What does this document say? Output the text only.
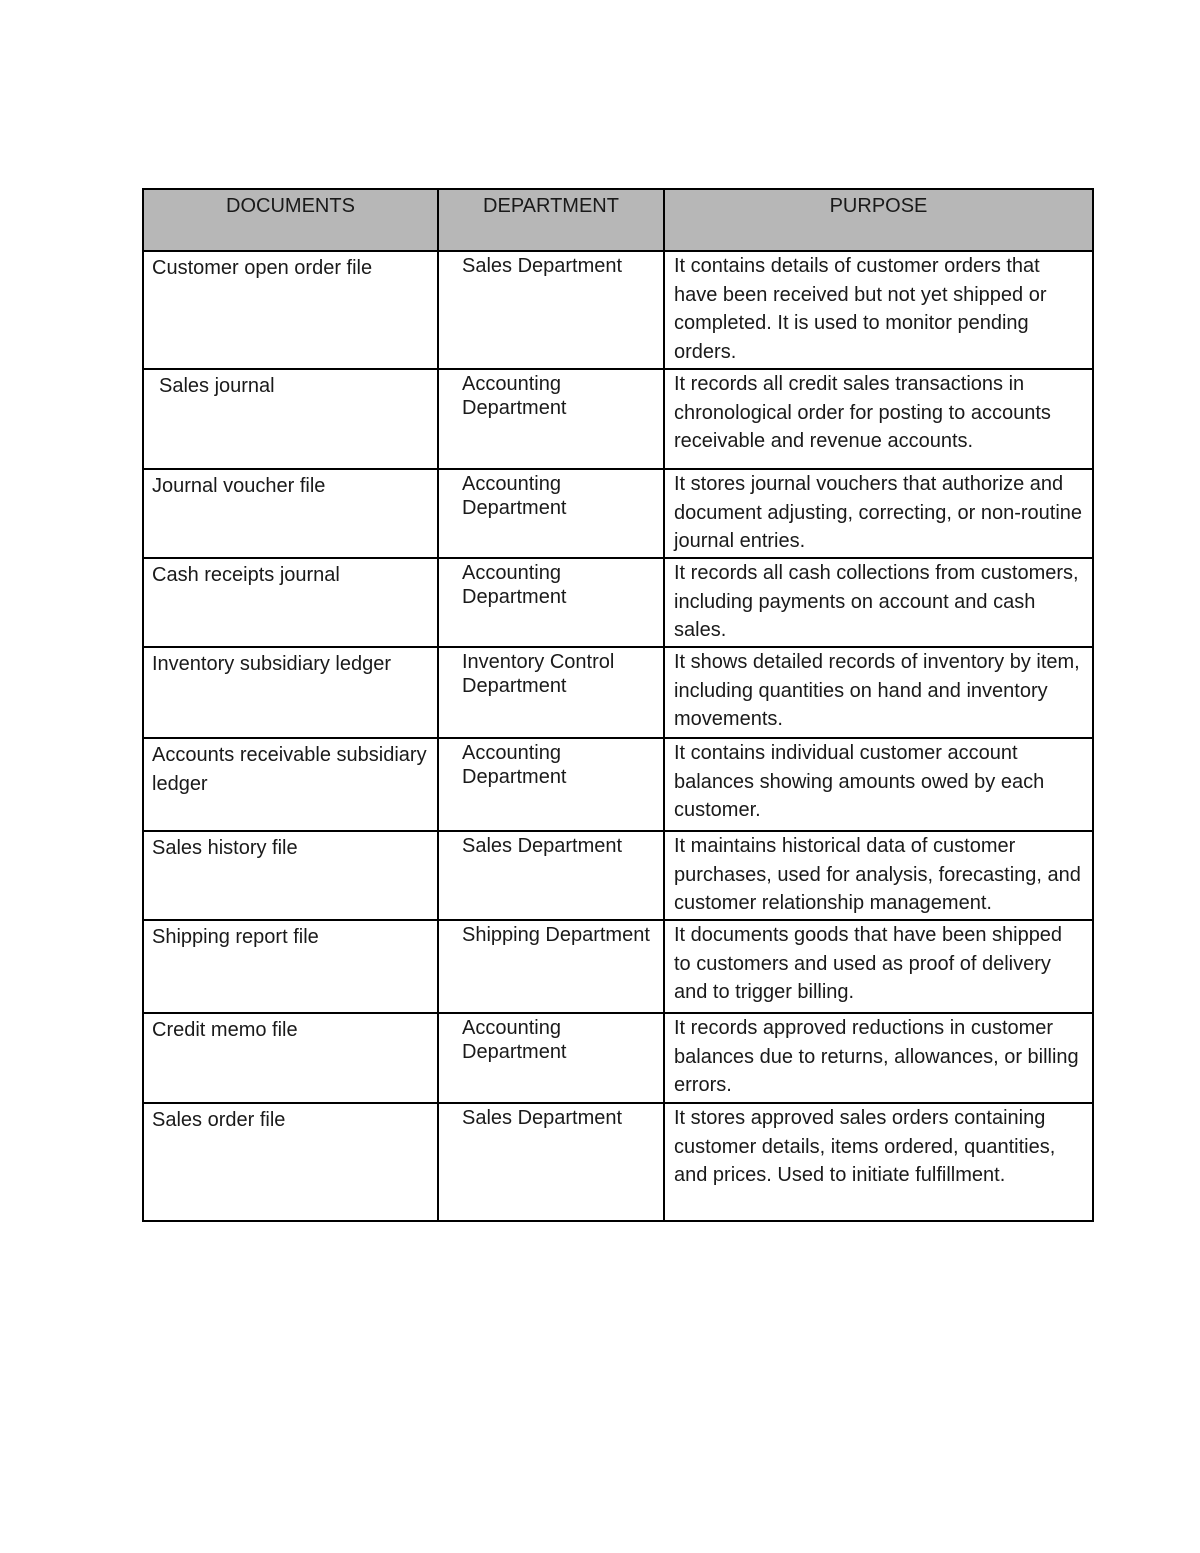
DOCUMENTS	DEPARTMENT	PURPOSE
Customer open order file	Sales Department	It contains details of customer orders that have been received but not yet shipped or completed. It is used to monitor pending orders.
Sales journal	Accounting Department	It records all credit sales transactions in chronological order for posting to accounts receivable and revenue accounts.
Journal voucher file	Accounting Department	It stores journal vouchers that authorize and document adjusting, correcting, or non-routine journal entries.
Cash receipts journal	Accounting Department	It records all cash collections from customers, including payments on account and cash sales.
Inventory subsidiary ledger	Inventory Control Department	It shows detailed records of inventory by item, including quantities on hand and inventory movements.
Accounts receivable subsidiary ledger	Accounting Department	It contains individual customer account balances showing amounts owed by each customer.
Sales history file	Sales Department	It maintains historical data of customer purchases, used for analysis, forecasting, and customer relationship management.
Shipping report file	Shipping Department	It documents goods that have been shipped to customers and used as proof of delivery and to trigger billing.
Credit memo file	Accounting Department	It records approved reductions in customer balances due to returns, allowances, or billing errors.
Sales order file	Sales Department	It stores approved sales orders containing customer details, items ordered, quantities, and prices. Used to initiate fulfillment.
